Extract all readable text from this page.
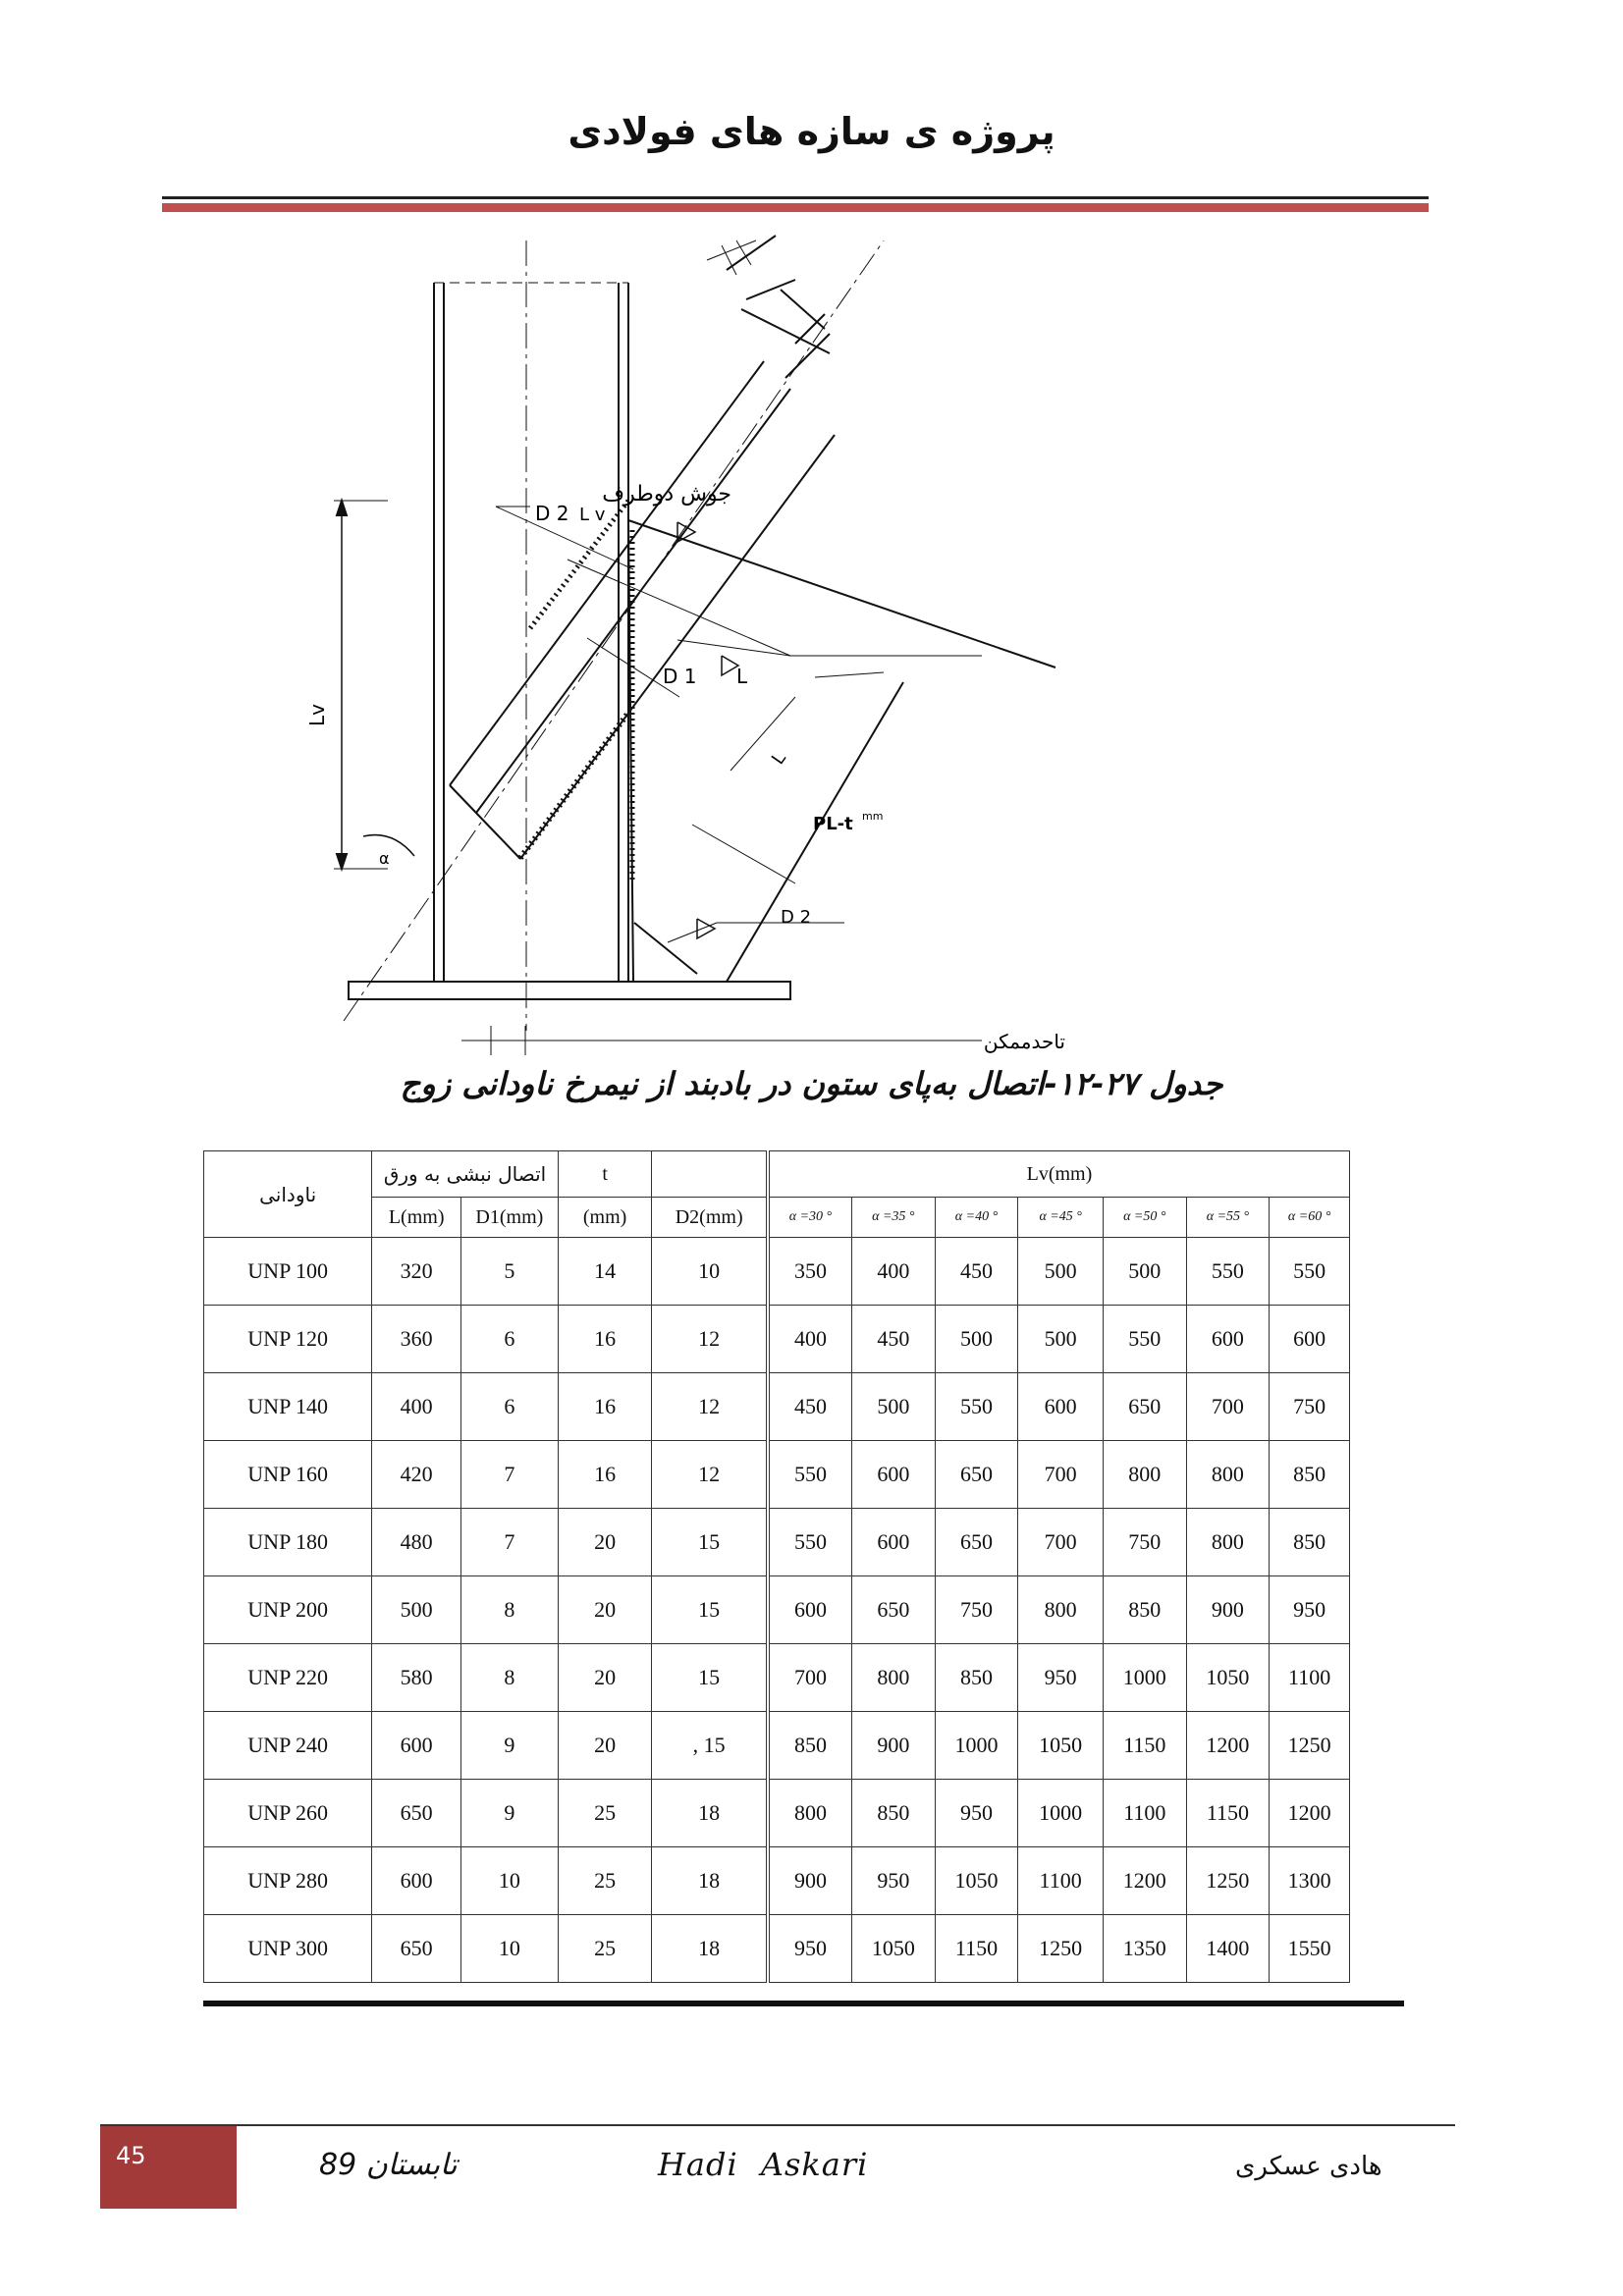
پروژه ی سازه های فولادی
جوش دوطرف
D 2 L v
D 1 L
Lv
α
PL-t mm
D 2
تاحدممکن
L
جدول ۲۷-۱۲-اتصال به‌پای ستون در بادبند از نیمرخ ناودانی زوج
ناودانی	اتصال نبشی به ورق		t		Lv(mm)						
	L(mm)	D1(mm)	(mm)	D2(mm)	α =30 °	α =35 °	α =40 °	α =45 °	α =50 °	α =55 °	α =60 °
UNP 100	320	5	14	10	350	400	450	500	500	550	550
UNP 120	360	6	16	12	400	450	500	500	550	600	600
UNP 140	400	6	16	12	450	500	550	600	650	700	750
UNP 160	420	7	16	12	550	600	650	700	800	800	850
UNP 180	480	7	20	15	550	600	650	700	750	800	850
UNP 200	500	8	20	15	600	650	750	800	850	900	950
UNP 220	580	8	20	15	700	800	850	950	1000	1050	1100
UNP 240	600	9	20	, 15	850	900	1000	1050	1150	1200	1250
UNP 260	650	9	25	18	800	850	950	1000	1100	1150	1200
UNP 280	600	10	25	18	900	950	1050	1100	1200	1250	1300
UNP 300	650	10	25	18	950	1050	1150	1250	1350	1400	1550
45	تابستان 89	Hadi Askari	هادی عسکری
